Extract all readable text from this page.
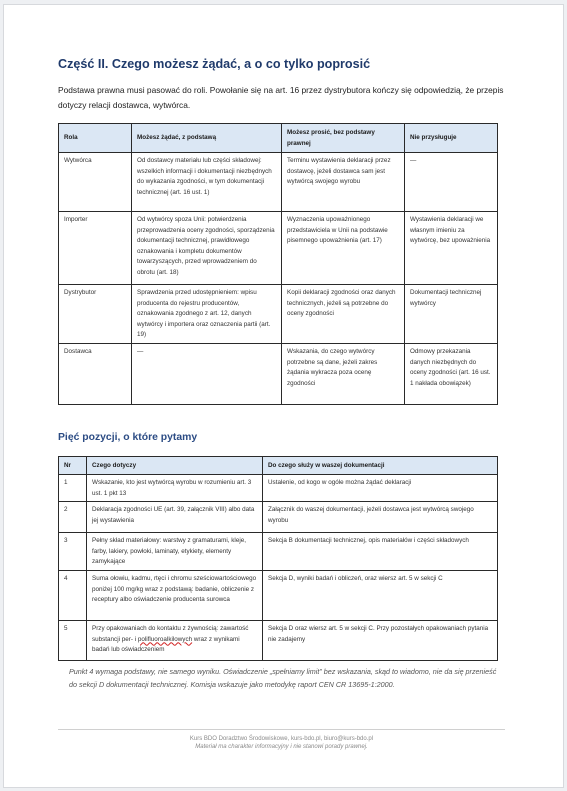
Część II. Czego możesz żądać, a o co tylko poprosić
Podstawa prawna musi pasować do roli. Powołanie się na art. 16 przez dystrybutora kończy się odpowiedzią, że przepis dotyczy relacji dostawca, wytwórca.
Rola	Możesz żądać, z podstawą	Możesz prosić, bez podstawy prawnej	Nie przysługuje
Wytwórca	Od dostawcy materiału lub części składowej: wszelkich informacji i dokumentacji niezbędnych do wykazania zgodności, w tym dokumentacji technicznej (art. 16 ust. 1)	Terminu wystawienia deklaracji przez dostawcę, jeżeli dostawca sam jest wytwórcą swojego wyrobu	—
Importer	Od wytwórcy spoza Unii: potwierdzenia przeprowadzenia oceny zgodności, sporządzenia dokumentacji technicznej, prawidłowego oznakowania i kompletu dokumentów towarzyszących, przed wprowadzeniem do obrotu (art. 18)	Wyznaczenia upoważnionego przedstawiciela w Unii na podstawie pisemnego upoważnienia (art. 17)	Wystawienia deklaracji we własnym imieniu za wytwórcę, bez upoważnienia
Dystrybutor	Sprawdzenia przed udostępnieniem: wpisu producenta do rejestru producentów, oznakowania zgodnego z art. 12, danych wytwórcy i importera oraz oznaczenia partii (art. 19)	Kopii deklaracji zgodności oraz danych technicznych, jeżeli są potrzebne do oceny zgodności	Dokumentacji technicznej wytwórcy
Dostawca	—	Wskazania, do czego wytwórcy potrzebne są dane, jeżeli zakres żądania wykracza poza ocenę zgodności	Odmowy przekazania danych niezbędnych do oceny zgodności (art. 16 ust. 1 nakłada obowiązek)
Pięć pozycji, o które pytamy
Nr	Czego dotyczy	Do czego służy w waszej dokumentacji
1	Wskazanie, kto jest wytwórcą wyrobu w rozumieniu art. 3 ust. 1 pkt 13	Ustalenie, od kogo w ogóle można żądać deklaracji
2	Deklaracja zgodności UE (art. 39, załącznik VIII) albo data jej wystawienia	Załącznik do waszej dokumentacji, jeżeli dostawca jest wytwórcą swojego wyrobu
3	Pełny skład materiałowy: warstwy z gramaturami, kleje, farby, lakiery, powłoki, laminaty, etykiety, elementy zamykające	Sekcja B dokumentacji technicznej, opis materiałów i części składowych
4	Suma ołowiu, kadmu, rtęci i chromu sześciowartościowego poniżej 100 mg/kg wraz z podstawą: badanie, obliczenie z receptury albo oświadczenie producenta surowca	Sekcja D, wyniki badań i obliczeń, oraz wiersz art. 5 w sekcji C
5	Przy opakowaniach do kontaktu z żywnością: zawartość substancji per- i polifluoroalkilowych wraz z wynikami badań lub oświadczeniem	Sekcja D oraz wiersz art. 5 w sekcji C. Przy pozostałych opakowaniach pytania nie zadajemy
Punkt 4 wymaga podstawy, nie samego wyniku. Oświadczenie „spełniamy limit” bez wskazania, skąd to wiadomo, nie da się przenieść do sekcji D dokumentacji technicznej. Komisja wskazuje jako metodykę raport CEN CR 13695-1:2000.
Kurs BDO Doradztwo Środowiskowe, kurs-bdo.pl, biuro@kurs-bdo.pl
Materiał ma charakter informacyjny i nie stanowi porady prawnej.
